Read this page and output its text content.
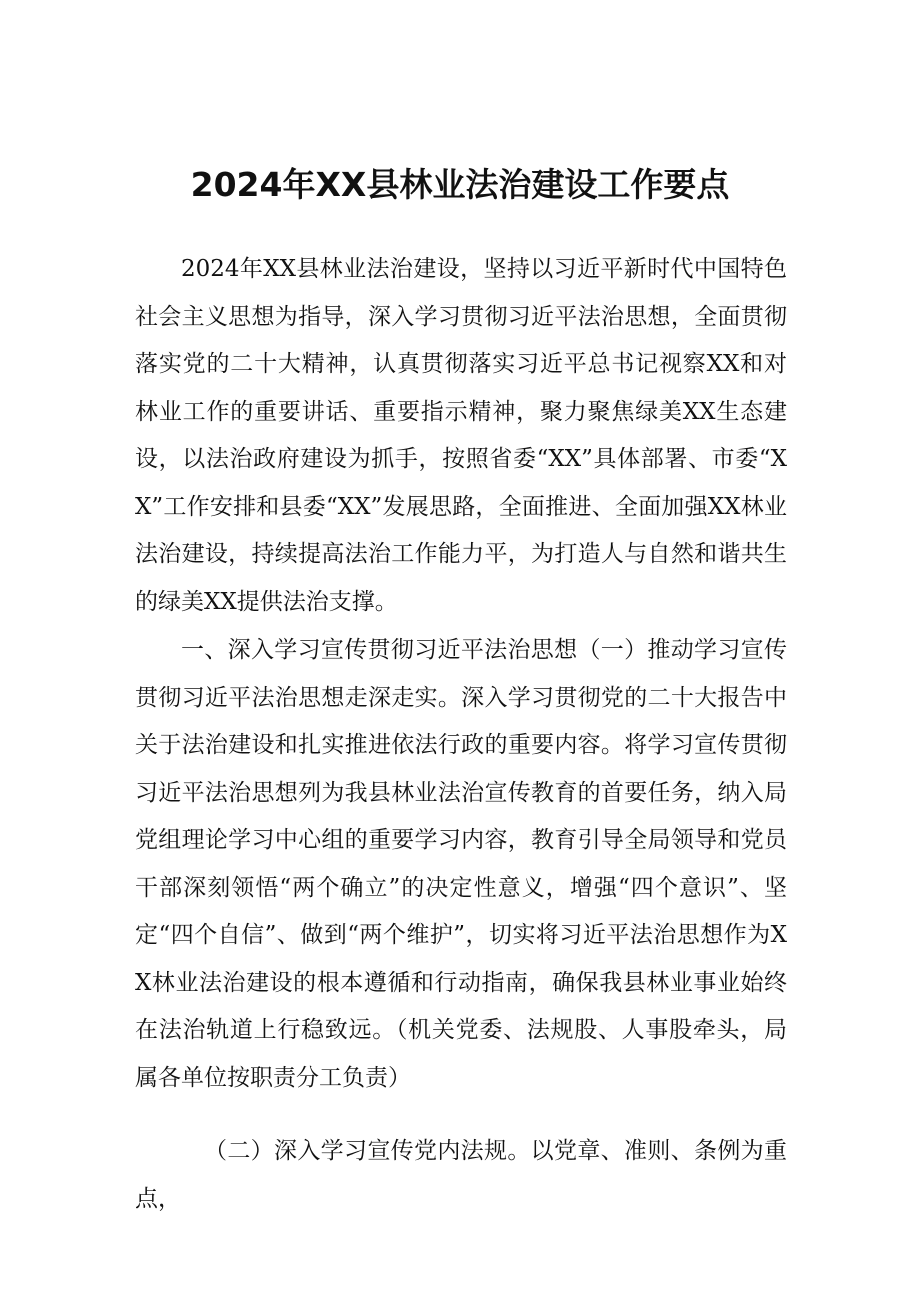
2024年XX县林业法治建设工作要点

2024年XX县林业法治建设，坚持以习近平新时代中国特色社会主义思想为指导，深入学习贯彻习近平法治思想，全面贯彻落实党的二十大精神，认真贯彻落实习近平总书记视察XX和对林业工作的重要讲话、重要指示精神，聚力聚焦绿美XX生态建设，以法治政府建设为抓手，按照省委“XX”具体部署、市委“XX”工作安排和县委“XX”发展思路，全面推进、全面加强XX林业法治建设，持续提高法治工作能力平，为打造人与自然和谐共生的绿美XX提供法治支撑。

一、深入学习宣传贯彻习近平法治思想（一）推动学习宣传贯彻习近平法治思想走深走实。深入学习贯彻党的二十大报告中关于法治建设和扎实推进依法行政的重要内容。将学习宣传贯彻习近平法治思想列为我县林业法治宣传教育的首要任务，纳入局党组理论学习中心组的重要学习内容，教育引导全局领导和党员干部深刻领悟“两个确立”的决定性意义，增强“四个意识”、坚定“四个自信”、做到“两个维护”，切实将习近平法治思想作为XX林业法治建设的根本遵循和行动指南，确保我县林业事业始终在法治轨道上行稳致远。（机关党委、法规股、人事股牵头，局属各单位按职责分工负责）

（二）深入学习宣传党内法规。以党章、准则、条例为重点，
